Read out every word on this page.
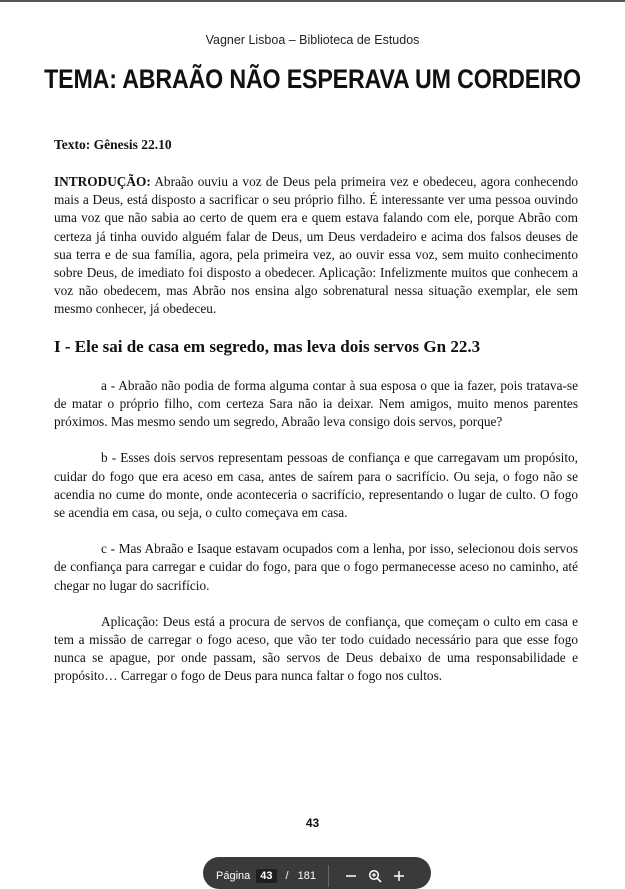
Vagner Lisboa – Biblioteca de Estudos
TEMA: ABRAÃO NÃO ESPERAVA UM CORDEIRO
Texto: Gênesis 22.10

INTRODUÇÃO: Abraão ouviu a voz de Deus pela primeira vez e obedeceu, agora conhecendo mais a Deus, está disposto a sacrificar o seu próprio filho. É interessante ver uma pessoa ouvindo uma voz que não sabia ao certo de quem era e quem estava falando com ele, porque Abrão com certeza já tinha ouvido alguém falar de Deus, um Deus verdadeiro e acima dos falsos deuses de sua terra e de sua família, agora, pela primeira vez, ao ouvir essa voz, sem muito conhecimento sobre Deus, de imediato foi disposto a obedecer. Aplicação: Infelizmente muitos que conhecem a voz não obedecem, mas Abrão nos ensina algo sobrenatural nessa situação exemplar, ele sem mesmo conhecer, já obedeceu.

I - Ele sai de casa em segredo, mas leva dois servos Gn 22.3

a - Abraão não podia de forma alguma contar à sua esposa o que ia fazer, pois tratava-se de matar o próprio filho, com certeza Sara não ia deixar. Nem amigos, muito menos parentes próximos. Mas mesmo sendo um segredo, Abraão leva consigo dois servos, porque?

b - Esses dois servos representam pessoas de confiança e que carregavam um propósito, cuidar do fogo que era aceso em casa, antes de saírem para o sacrifício. Ou seja, o fogo não se acendia no cume do monte, onde aconteceria o sacrifício, representando o lugar de culto. O fogo se acendia em casa, ou seja, o culto começava em casa.

c - Mas Abraão e Isaque estavam ocupados com a lenha, por isso, selecionou dois servos de confiança para carregar e cuidar do fogo, para que o fogo permanecesse aceso no caminho, até chegar no lugar do sacrifício.

Aplicação: Deus está a procura de servos de confiança, que começam o culto em casa e tem a missão de carregar o fogo aceso, que vão ter todo cuidado necessário para que esse fogo nunca se apague, por onde passam, são servos de Deus debaixo de uma responsabilidade e propósito… Carregar o fogo de Deus para nunca faltar o fogo nos cultos.

43
Página 43	/ 181
